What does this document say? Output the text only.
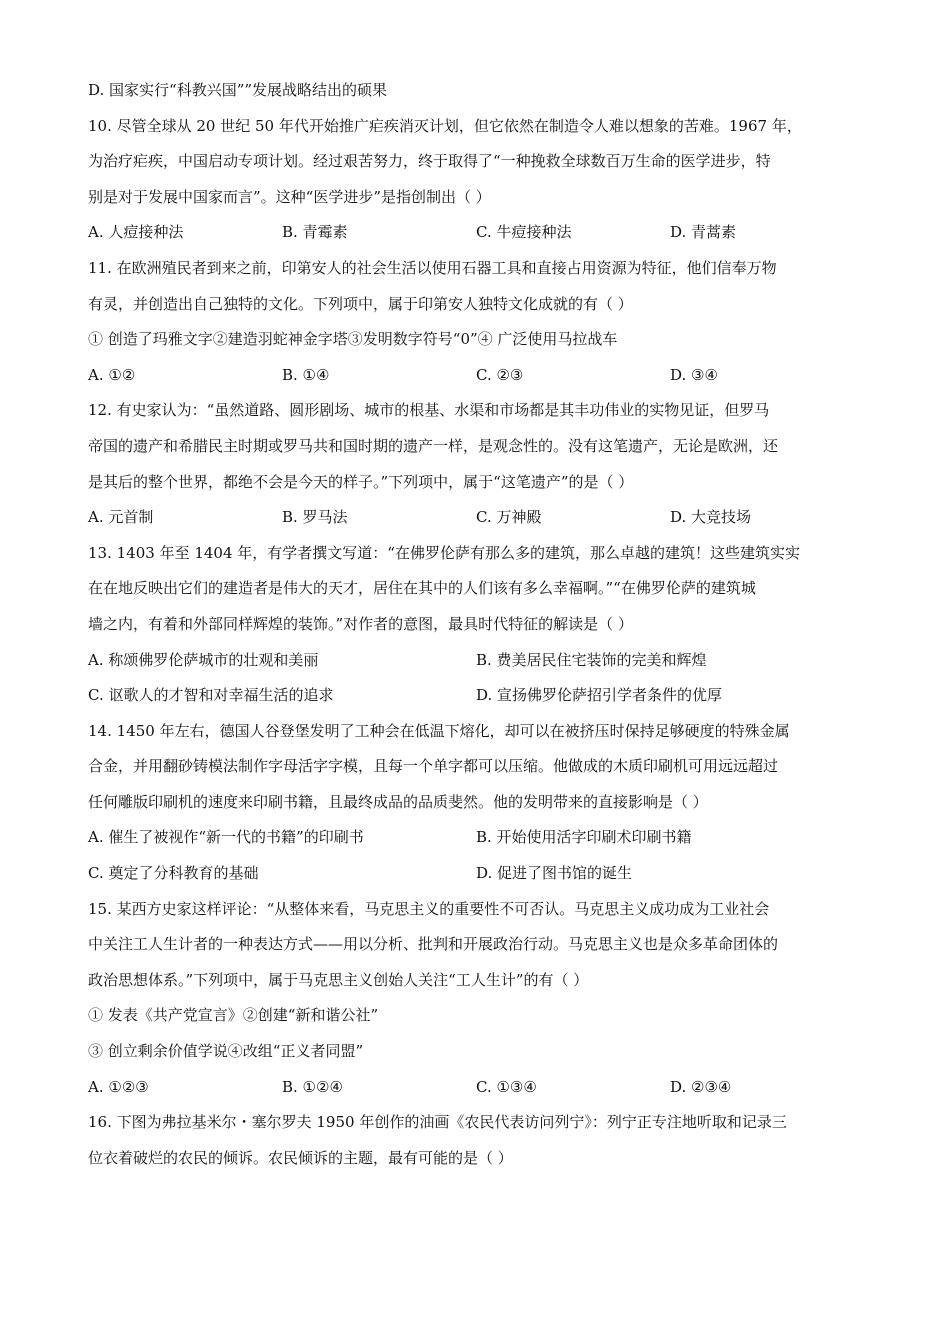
D. 国家实行“科教兴国””发展战略结出的硕果
10. 尽管全球从 20 世纪 50 年代开始推广疟疾消灭计划，但它依然在制造令人难以想象的苦难。1967 年，
为治疗疟疾，中国启动专项计划。经过艰苦努力，终于取得了“一种挽救全球数百万生命的医学进步，特
别是对于发展中国家而言”。这种“医学进步”是指创制出（ ）
A. 人痘接种法	B. 青霉素	C. 牛痘接种法	D. 青蒿素
11. 在欧洲殖民者到来之前，印第安人的社会生活以使用石器工具和直接占用资源为特征，他们信奉万物
有灵，并创造出自己独特的文化。下列项中，属于印第安人独特文化成就的有（ ）
① 创造了玛雅文字②建造羽蛇神金字塔③发明数字符号“0”④ 广泛使用马拉战车
A. ①②	B. ①④	C. ②③	D. ③④
12. 有史家认为：“虽然道路、圆形剧场、城市的根基、水渠和市场都是其丰功伟业的实物见证，但罗马
帝国的遗产和希腊民主时期或罗马共和国时期的遗产一样，是观念性的。没有这笔遗产，无论是欧洲，还
是其后的整个世界，都绝不会是今天的样子。”下列项中，属于“这笔遗产”的是（ ）
A. 元首制	B. 罗马法	C. 万神殿	D. 大竞技场
13. 1403 年至 1404 年，有学者撰文写道：“在佛罗伦萨有那么多的建筑，那么卓越的建筑！这些建筑实实
在在地反映出它们的建造者是伟大的天才，居住在其中的人们该有多么幸福啊。”“在佛罗伦萨的建筑城
墙之内，有着和外部同样辉煌的装饰。”对作者的意图，最具时代特征的解读是（ ）
A. 称颂佛罗伦萨城市的壮观和美丽	B. 费美居民住宅装饰的完美和辉煌
C. 讴歌人的才智和对幸福生活的追求	D. 宣扬佛罗伦萨招引学者条件的优厚
14. 1450 年左右，德国人谷登堡发明了工种会在低温下熔化，却可以在被挤压时保持足够硬度的特殊金属
合金，并用翻砂铸模法制作字母活字字模，且每一个单字都可以压缩。他做成的木质印刷机可用远远超过
任何雕版印刷机的速度来印刷书籍，且最终成品的品质斐然。他的发明带来的直接影响是（ ）
A. 催生了被视作“新一代的书籍”的印刷书	B. 开始使用活字印刷术印刷书籍
C. 奠定了分科教育的基础	D. 促进了图书馆的诞生
15. 某西方史家这样评论：“从整体来看，马克思主义的重要性不可否认。马克思主义成功成为工业社会
中关注工人生计者的一种表达方式——用以分析、批判和开展政治行动。马克思主义也是众多革命团体的
政治思想体系。”下列项中，属于马克思主义创始人关注“工人生计”的有（ ）
① 发表《共产党宣言》②创建“新和谐公社”
③ 创立剩余价值学说④改组“正义者同盟”
A. ①②③	B. ①②④	C. ①③④	D. ②③④
16. 下图为弗拉基米尔・塞尔罗夫 1950 年创作的油画《农民代表访问列宁》：列宁正专注地听取和记录三
位衣着破烂的农民的倾诉。农民倾诉的主题，最有可能的是（ ）
